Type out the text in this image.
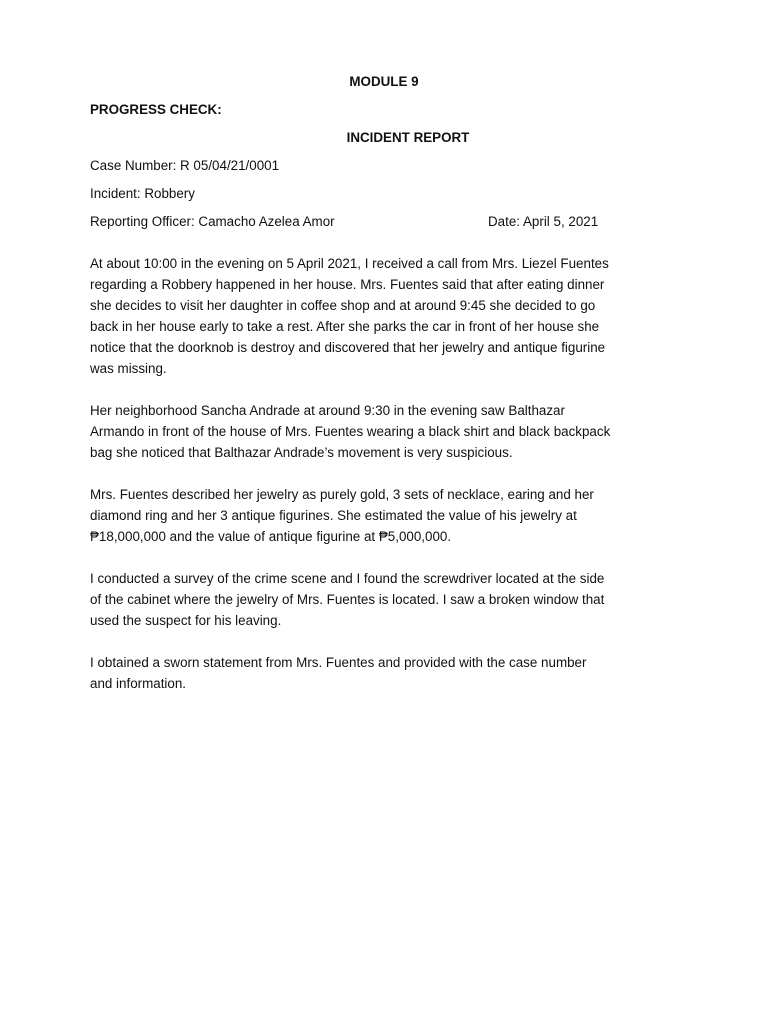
MODULE 9
PROGRESS CHECK:
INCIDENT REPORT
Case Number: R 05/04/21/0001
Incident: Robbery
Reporting Officer: Camacho Azelea Amor	Date: April 5, 2021
At about 10:00 in the evening on 5 April 2021, I received a call from Mrs. Liezel Fuentes
regarding a Robbery happened in her house. Mrs. Fuentes said that after eating dinner
she decides to visit her daughter in coffee shop and at around 9:45 she decided to go
back in her house early to take a rest. After she parks the car in front of her house she
notice that the doorknob is destroy and discovered that her jewelry and antique figurine
was missing.
Her neighborhood Sancha Andrade at around 9:30 in the evening saw Balthazar
Armando in front of the house of Mrs. Fuentes wearing a black shirt and black backpack
bag she noticed that Balthazar Andrade’s movement is very suspicious.
Mrs. Fuentes described her jewelry as purely gold, 3 sets of necklace, earing and her
diamond ring and her 3 antique figurines. She estimated the value of his jewelry at
₱18,000,000 and the value of antique figurine at ₱5,000,000.
I conducted a survey of the crime scene and I found the screwdriver located at the side
of the cabinet where the jewelry of Mrs. Fuentes is located. I saw a broken window that
used the suspect for his leaving.
I obtained a sworn statement from Mrs. Fuentes and provided with the case number
and information.
